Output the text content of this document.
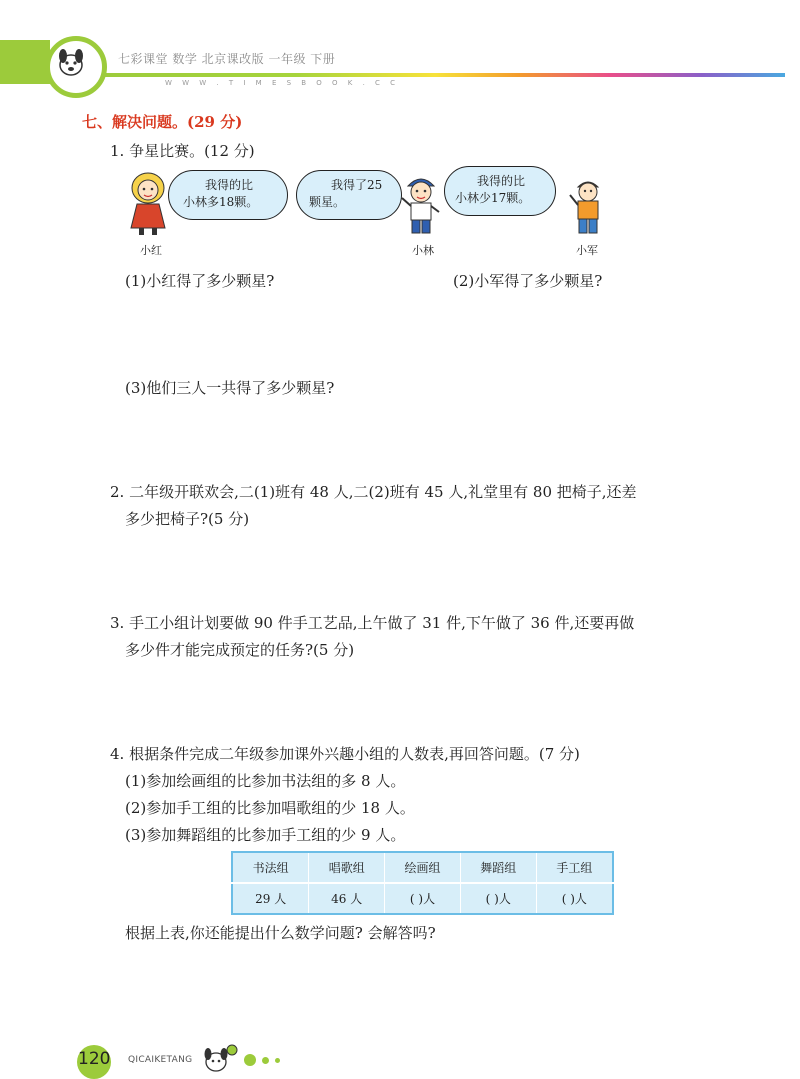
七彩课堂 数学 北京课改版 一年级 下册
W W W . T I M E S B O O K . C C
七、解决问题。(29 分)
1. 争星比赛。(12 分)
我得的比
小林多18颗。
小红
我得了25
颗星。
小林
我得的比
小林少17颗。
小军
(1)小红得了多少颗星?	(2)小军得了多少颗星?
(3)他们三人一共得了多少颗星?
2. 二年级开联欢会,二(1)班有 48 人,二(2)班有 45 人,礼堂里有 80 把椅子,还差
多少把椅子?(5 分)
3. 手工小组计划要做 90 件手工艺品,上午做了 31 件,下午做了 36 件,还要再做
多少件才能完成预定的任务?(5 分)
4. 根据条件完成二年级参加课外兴趣小组的人数表,再回答问题。(7 分)
(1)参加绘画组的比参加书法组的多 8 人。
(2)参加手工组的比参加唱歌组的少 18 人。
(3)参加舞蹈组的比参加手工组的少 9 人。
书法组	唱歌组	绘画组	舞蹈组	手工组
29 人	46 人	( )人	( )人	( )人
根据上表,你还能提出什么数学问题? 会解答吗?
120	QICAIKETANG
